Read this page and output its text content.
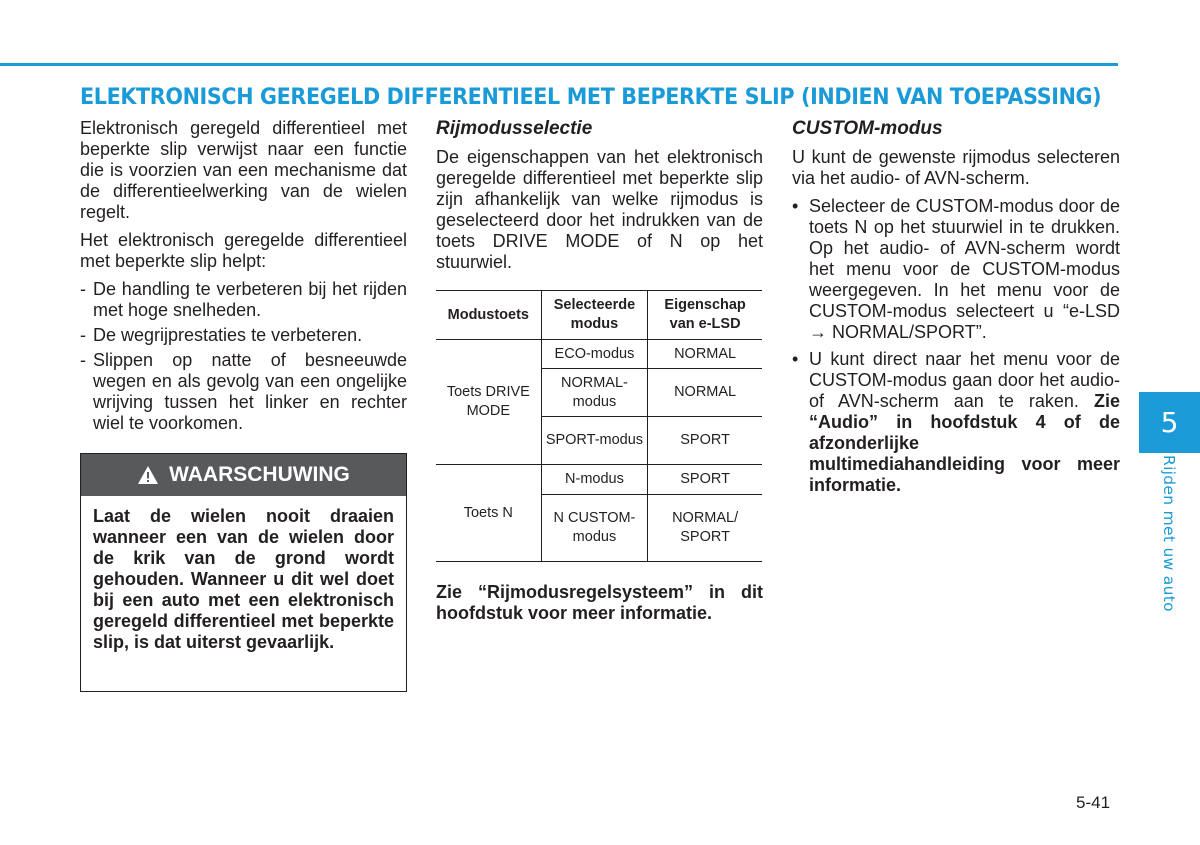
ELEKTRONISCH GEREGELD DIFFERENTIEEL MET BEPERKTE SLIP (INDIEN VAN TOEPASSING)

Elektronisch geregeld differentieel met beperkte slip verwijst naar een functie die is voorzien van een mechanisme dat de differentieelwerking van de wielen regelt.

Het elektronisch geregelde differentieel met beperkte slip helpt:

- De handling te verbeteren bij het rijden met hoge snelheden.
- De wegrijprestaties te verbeteren.
- Slippen op natte of besneeuwde wegen en als gevolg van een ongelijke wrijving tussen het linker en rechter wiel te voorkomen.
WAARSCHUWING
Laat de wielen nooit draaien wanneer een van de wielen door de krik van de grond wordt gehouden. Wanneer u dit wel doet bij een auto met een elektronisch geregeld differentieel met beperkte slip, is dat uiterst gevaarlijk.
Rijmodusselectie

De eigenschappen van het elektronisch geregelde differentieel met beperkte slip zijn afhankelijk van welke rijmodus is geselecteerd door het indrukken van de toets DRIVE MODE of N op het stuurwiel.

Modustoets	Selecteerde modus	Eigenschap van e-LSD
Toets DRIVE MODE	ECO-modus	NORMAL
	NORMAL-modus	NORMAL
	SPORT-modus	SPORT
Toets N	N-modus	SPORT
	N CUSTOM-modus	NORMAL/ SPORT

Zie “Rijmodusregelsysteem” in dit hoofdstuk voor meer informatie.

CUSTOM-modus

U kunt de gewenste rijmodus selecteren via het audio- of AVN-scherm.

• Selecteer de CUSTOM-modus door de toets N op het stuurwiel in te drukken. Op het audio- of AVN-scherm wordt het menu voor de CUSTOM-modus weergegeven. In het menu voor de CUSTOM-modus selecteert u “e-LSD → NORMAL/SPORT”.
• U kunt direct naar het menu voor de CUSTOM-modus gaan door het audio- of AVN-scherm aan te raken. Zie “Audio” in hoofdstuk 4 of de afzonderlijke multimediahandleiding voor meer informatie.
5
Rijden met uw auto
5-41
